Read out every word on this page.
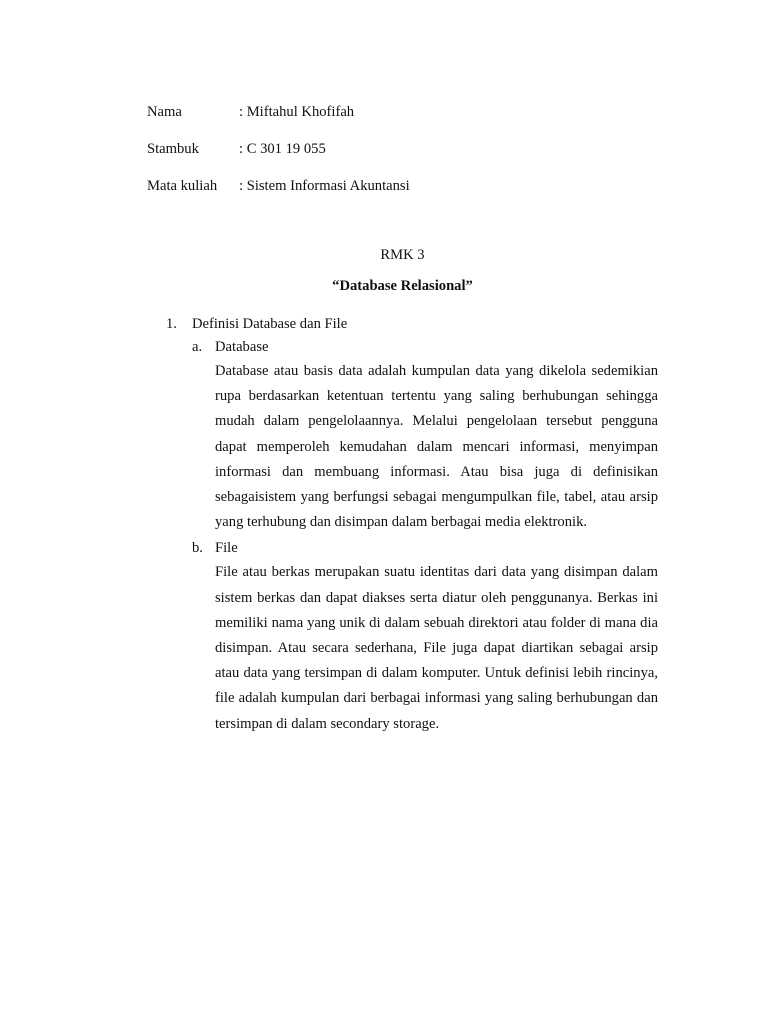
Nama	: Miftahul Khofifah
Stambuk	: C 301 19 055
Mata kuliah	: Sistem Informasi Akuntansi
RMK 3
“Database Relasional”
1.	Definisi Database dan File
a. Database
Database atau basis data adalah kumpulan data yang dikelola sedemikian rupa berdasarkan ketentuan tertentu yang saling berhubungan sehingga mudah dalam pengelolaannya. Melalui pengelolaan tersebut pengguna dapat memperoleh kemudahan dalam mencari informasi, menyimpan informasi dan membuang informasi. Atau bisa juga di definisikan sebagaisistem yang berfungsi sebagai mengumpulkan file, tabel, atau arsip yang terhubung dan disimpan dalam berbagai media elektronik.
b. File
File atau berkas merupakan suatu identitas dari data yang disimpan dalam sistem berkas dan dapat diakses serta diatur oleh penggunanya. Berkas ini memiliki nama yang unik di dalam sebuah direktori atau folder di mana dia disimpan. Atau secara sederhana, File juga dapat diartikan sebagai arsip atau data yang tersimpan di dalam komputer. Untuk definisi lebih rincinya, file adalah kumpulan dari berbagai informasi yang saling berhubungan dan tersimpan di dalam secondary storage.
